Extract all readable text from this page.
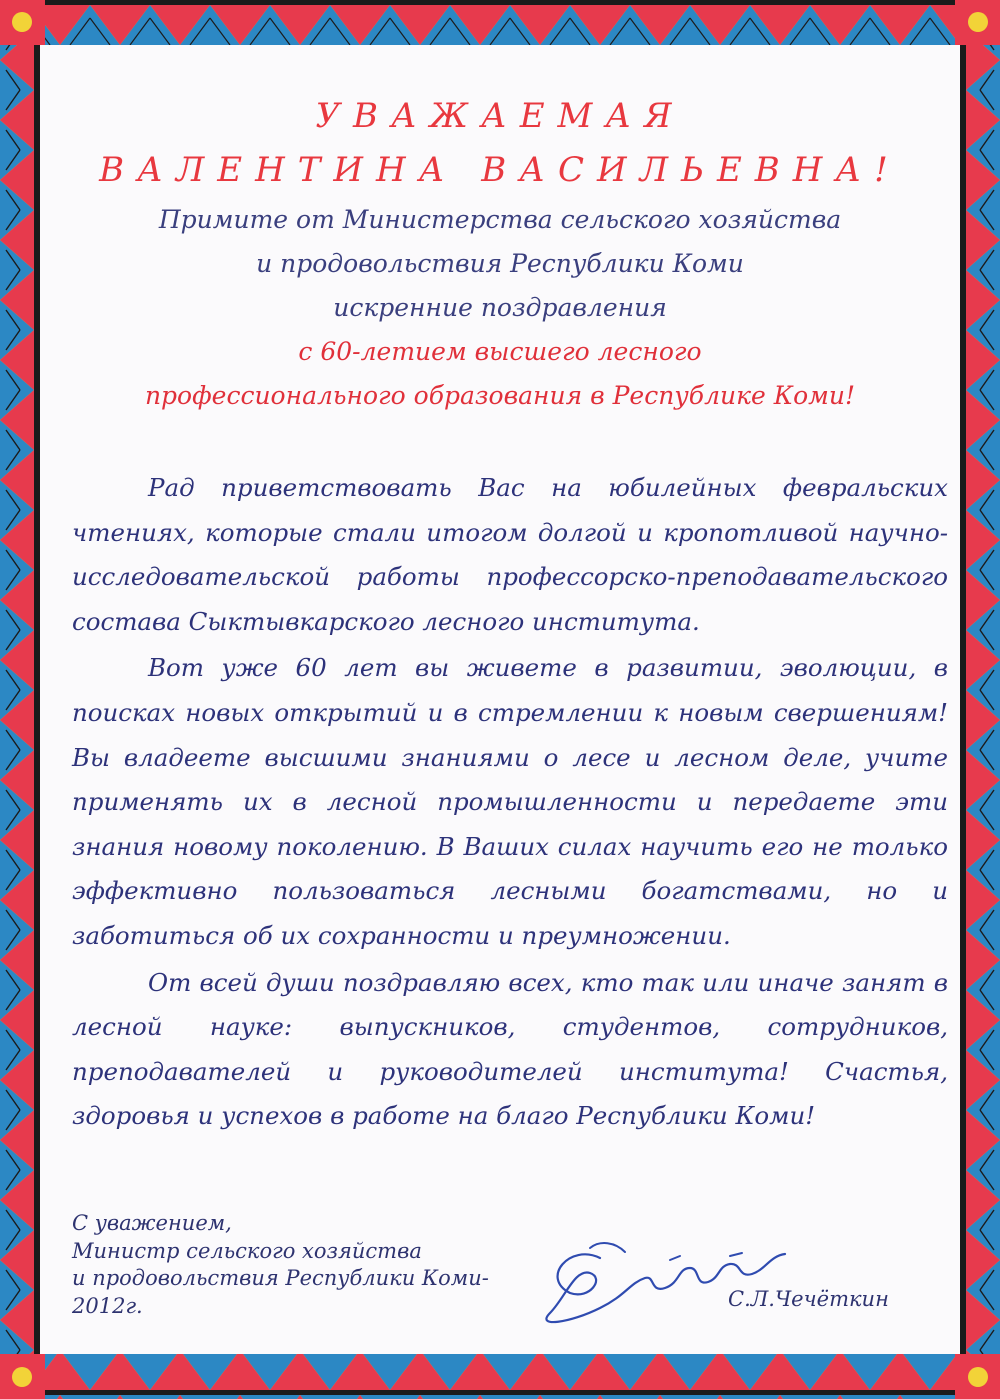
УВАЖАЕМАЯ
ВАЛЕНТИНА ВАСИЛЬЕВНА!
Примите от Министерства сельского хозяйства
и продовольствия Республики Коми
искренние поздравления
с 60-летием высшего лесного
профессионального образования в Республике Коми!

Рад приветствовать Вас на юбилейных февральских чтениях, которые стали итогом долгой и кропотливой научно-исследовательской работы профессорско-преподавательского состава Сыктывкарского лесного института.

Вот уже 60 лет вы живете в развитии, эволюции, в поисках новых открытий и в стремлении к новым свершениям! Вы владеете высшими знаниями о лесе и лесном деле, учите применять их в лесной промышленности и передаете эти знания новому поколению. В Ваших силах научить его не только эффективно пользоваться лесными богатствами, но и заботиться об их сохранности и преумножении.

От всей души поздравляю всех, кто так или иначе занят в лесной науке: выпускников, студентов, сотрудников, преподавателей и руководителей института! Счастья, здоровья и успехов в работе на благо Республики Коми!

С уважением,
Министр сельского хозяйства
и продовольствия Республики Коми-
2012г.	С.Л.Чечёткин
